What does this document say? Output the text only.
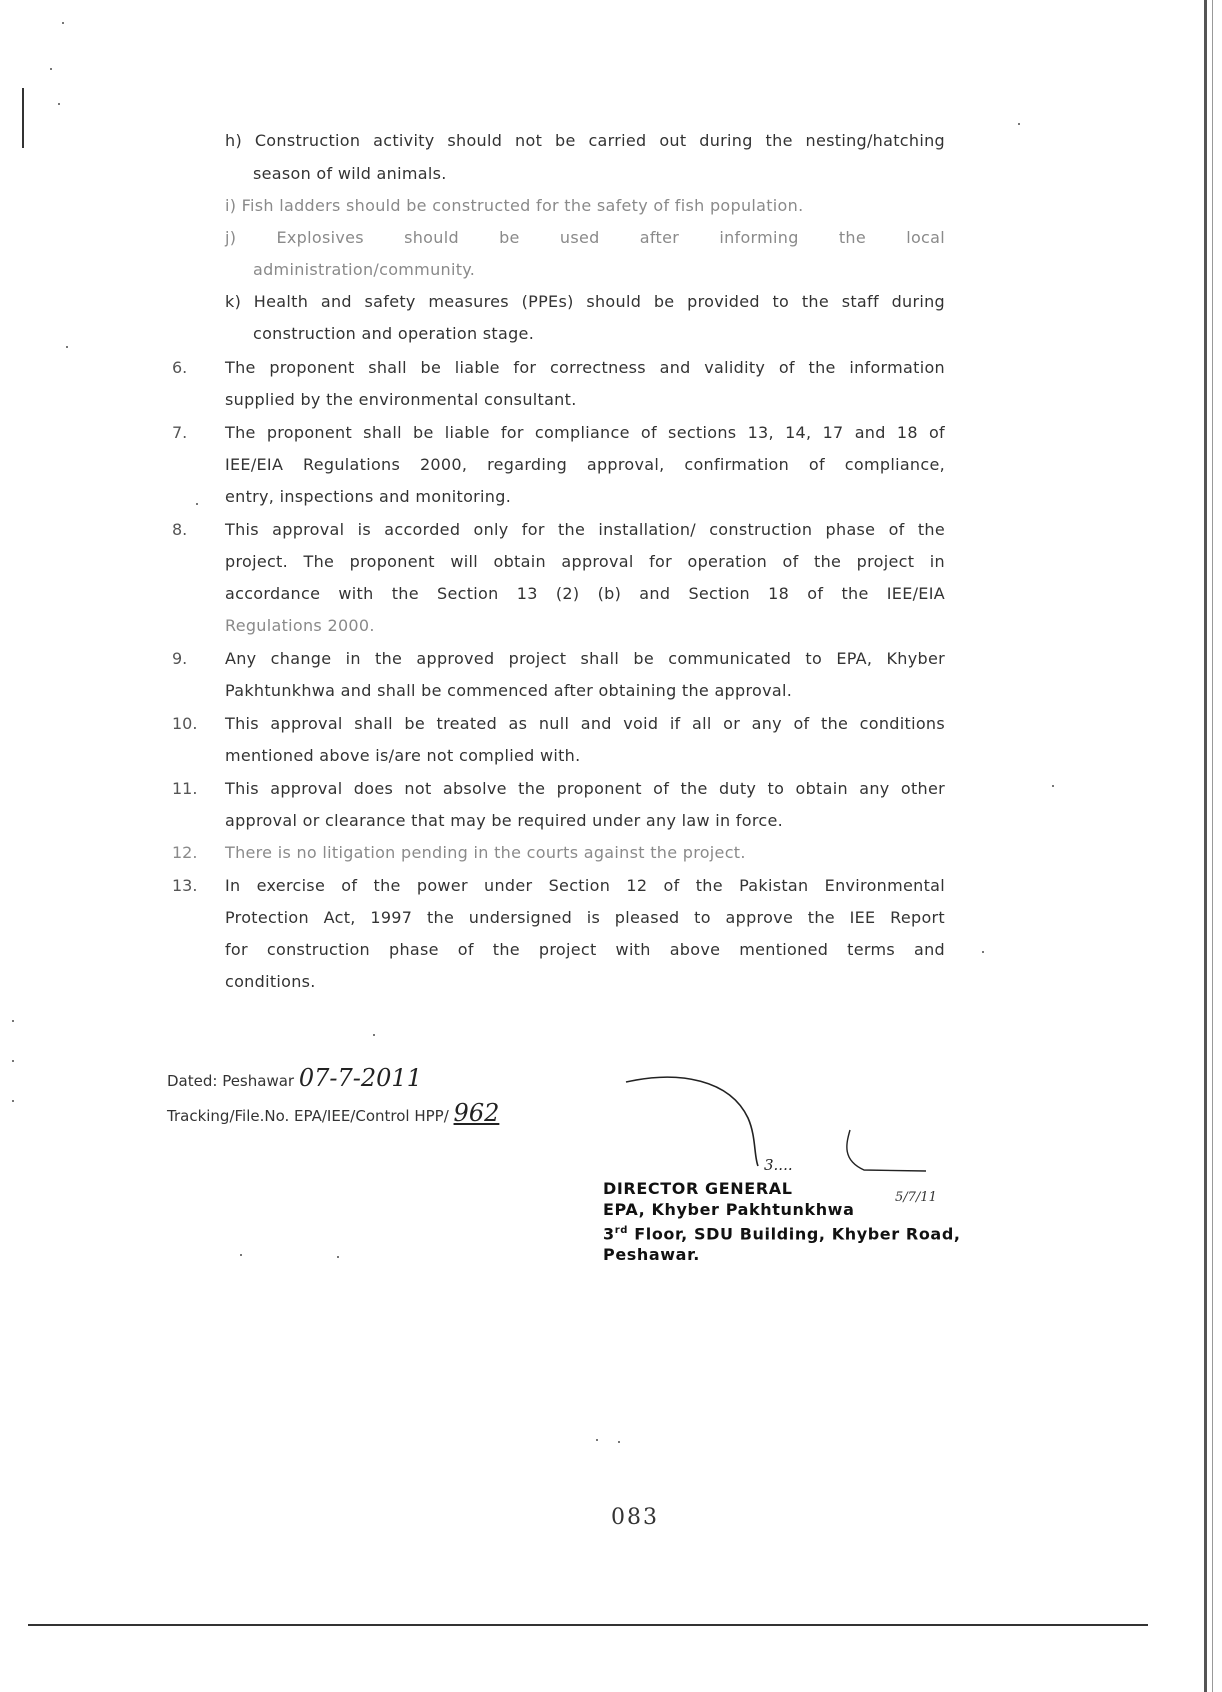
h) Construction activity should not be carried out during the nesting/hatching
season of wild animals.
i) Fish ladders should be constructed for the safety of fish population.
j) Explosives should be used after informing the local
administration/community.
k) Health and safety measures (PPEs) should be provided to the staff during
construction and operation stage.
6.	The proponent shall be liable for correctness and validity of the information
supplied by the environmental consultant.
7.	The proponent shall be liable for compliance of sections 13, 14, 17 and 18 of
IEE/EIA Regulations 2000, regarding approval, confirmation of compliance,
entry, inspections and monitoring.
8.	This approval is accorded only for the installation/ construction phase of the
project. The proponent will obtain approval for operation of the project in
accordance with the Section 13 (2) (b) and Section 18 of the IEE/EIA
Regulations 2000.
9.	Any change in the approved project shall be communicated to EPA, Khyber
Pakhtunkhwa and shall be commenced after obtaining the approval.
10. This approval shall be treated as null and void if all or any of the conditions
mentioned above is/are not complied with.
11. This approval does not absolve the proponent of the duty to obtain any other
approval or clearance that may be required under any law in force.
12. There is no litigation pending in the courts against the project.
13. In exercise of the power under Section 12 of the Pakistan Environmental
Protection Act, 1997 the undersigned is pleased to approve the IEE Report
for construction phase of the project with above mentioned terms and
conditions.
Dated: Peshawar 07-7-2011
Tracking/File.No. EPA/IEE/Control HPP/ 962
3....
5/7/11
DIRECTOR GENERAL
EPA, Khyber Pakhtunkhwa
3rd Floor, SDU Building, Khyber Road,
Peshawar.
083
